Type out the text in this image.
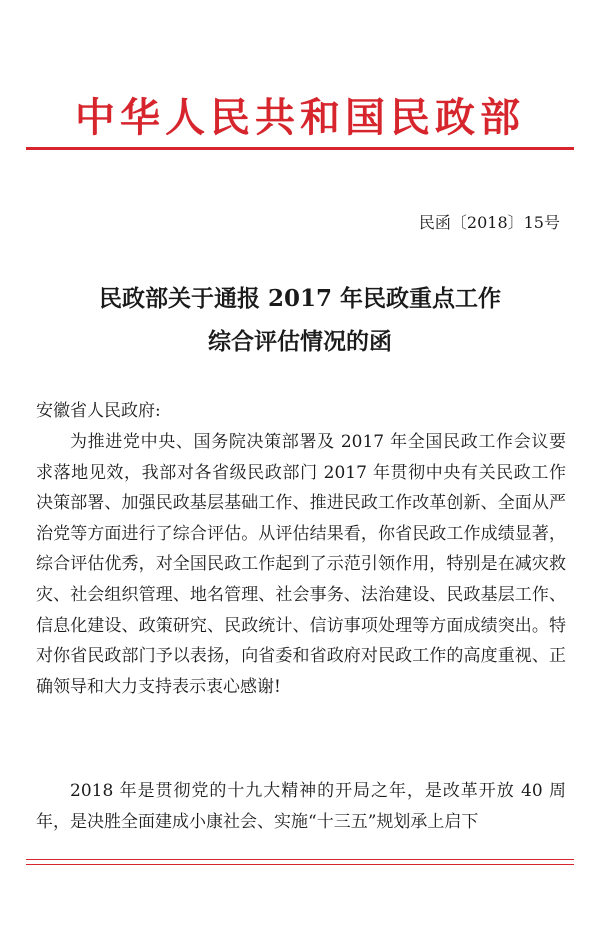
中华人民共和国民政部
民函〔2018〕15号
民政部关于通报 2017 年民政重点工作
综合评估情况的函
安徽省人民政府:

为推进党中央、国务院决策部署及 2017 年全国民政工作会议要求落地见效，我部对各省级民政部门 2017 年贯彻中央有关民政工作决策部署、加强民政基层基础工作、推进民政工作改革创新、全面从严治党等方面进行了综合评估。从评估结果看，你省民政工作成绩显著，综合评估优秀，对全国民政工作起到了示范引领作用，特别是在减灾救灾、社会组织管理、地名管理、社会事务、法治建设、民政基层工作、信息化建设、政策研究、民政统计、信访事项处理等方面成绩突出。特对你省民政部门予以表扬，向省委和省政府对民政工作的高度重视、正确领导和大力支持表示衷心感谢!

2018 年是贯彻党的十九大精神的开局之年，是改革开放 40 周年，是决胜全面建成小康社会、实施“十三五”规划承上启下
